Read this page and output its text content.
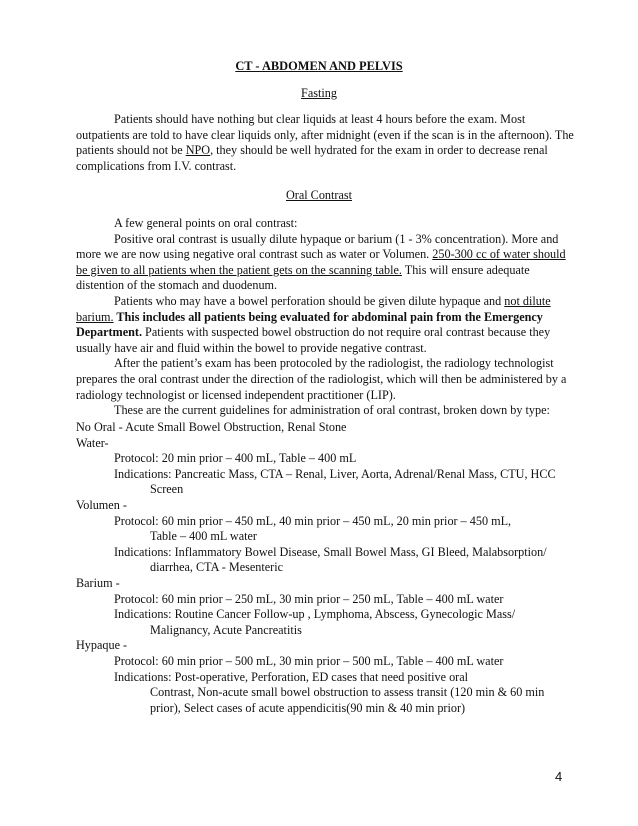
CT - ABDOMEN AND PELVIS
Fasting

Patients should have nothing but clear liquids at least 4 hours before the exam. Most outpatients are told to have clear liquids only, after midnight (even if the scan is in the afternoon). The patients should not be NPO, they should be well hydrated for the exam in order to decrease renal complications from I.V. contrast.

Oral Contrast

A few general points on oral contrast:

Positive oral contrast is usually dilute hypaque or barium (1 - 3% concentration). More and more we are now using negative oral contrast such as water or Volumen. 250-300 cc of water should be given to all patients when the patient gets on the scanning table. This will ensure adequate distention of the stomach and duodenum.

Patients who may have a bowel perforation should be given dilute hypaque and not dilute barium. This includes all patients being evaluated for abdominal pain from the Emergency Department. Patients with suspected bowel obstruction do not require oral contrast because they usually have air and fluid within the bowel to provide negative contrast.

After the patient’s exam has been protocoled by the radiologist, the radiology technologist prepares the oral contrast under the direction of the radiologist, which will then be administered by a radiology technologist or licensed independent practitioner (LIP).

These are the current guidelines for administration of oral contrast, broken down by type:

No Oral - Acute Small Bowel Obstruction, Renal Stone
Water-
Protocol: 20 min prior – 400 mL, Table – 400 mL
Indications: Pancreatic Mass, CTA – Renal, Liver, Aorta, Adrenal/Renal Mass, CTU, HCC
Screen
Volumen -
Protocol: 60 min prior – 450 mL, 40 min prior – 450 mL, 20 min prior – 450 mL,
Table – 400 mL water
Indications: Inflammatory Bowel Disease, Small Bowel Mass, GI Bleed, Malabsorption/
diarrhea, CTA - Mesenteric
Barium -
Protocol: 60 min prior – 250 mL, 30 min prior – 250 mL, Table – 400 mL water
Indications: Routine Cancer Follow-up , Lymphoma, Abscess, Gynecologic Mass/
Malignancy, Acute Pancreatitis
Hypaque -
Protocol: 60 min prior – 500 mL, 30 min prior – 500 mL, Table – 400 mL water
Indications: Post-operative, Perforation, ED cases that need positive oral
Contrast, Non-acute small bowel obstruction to assess transit (120 min & 60 min
prior), Select cases of acute appendicitis(90 min & 40 min prior)
4
